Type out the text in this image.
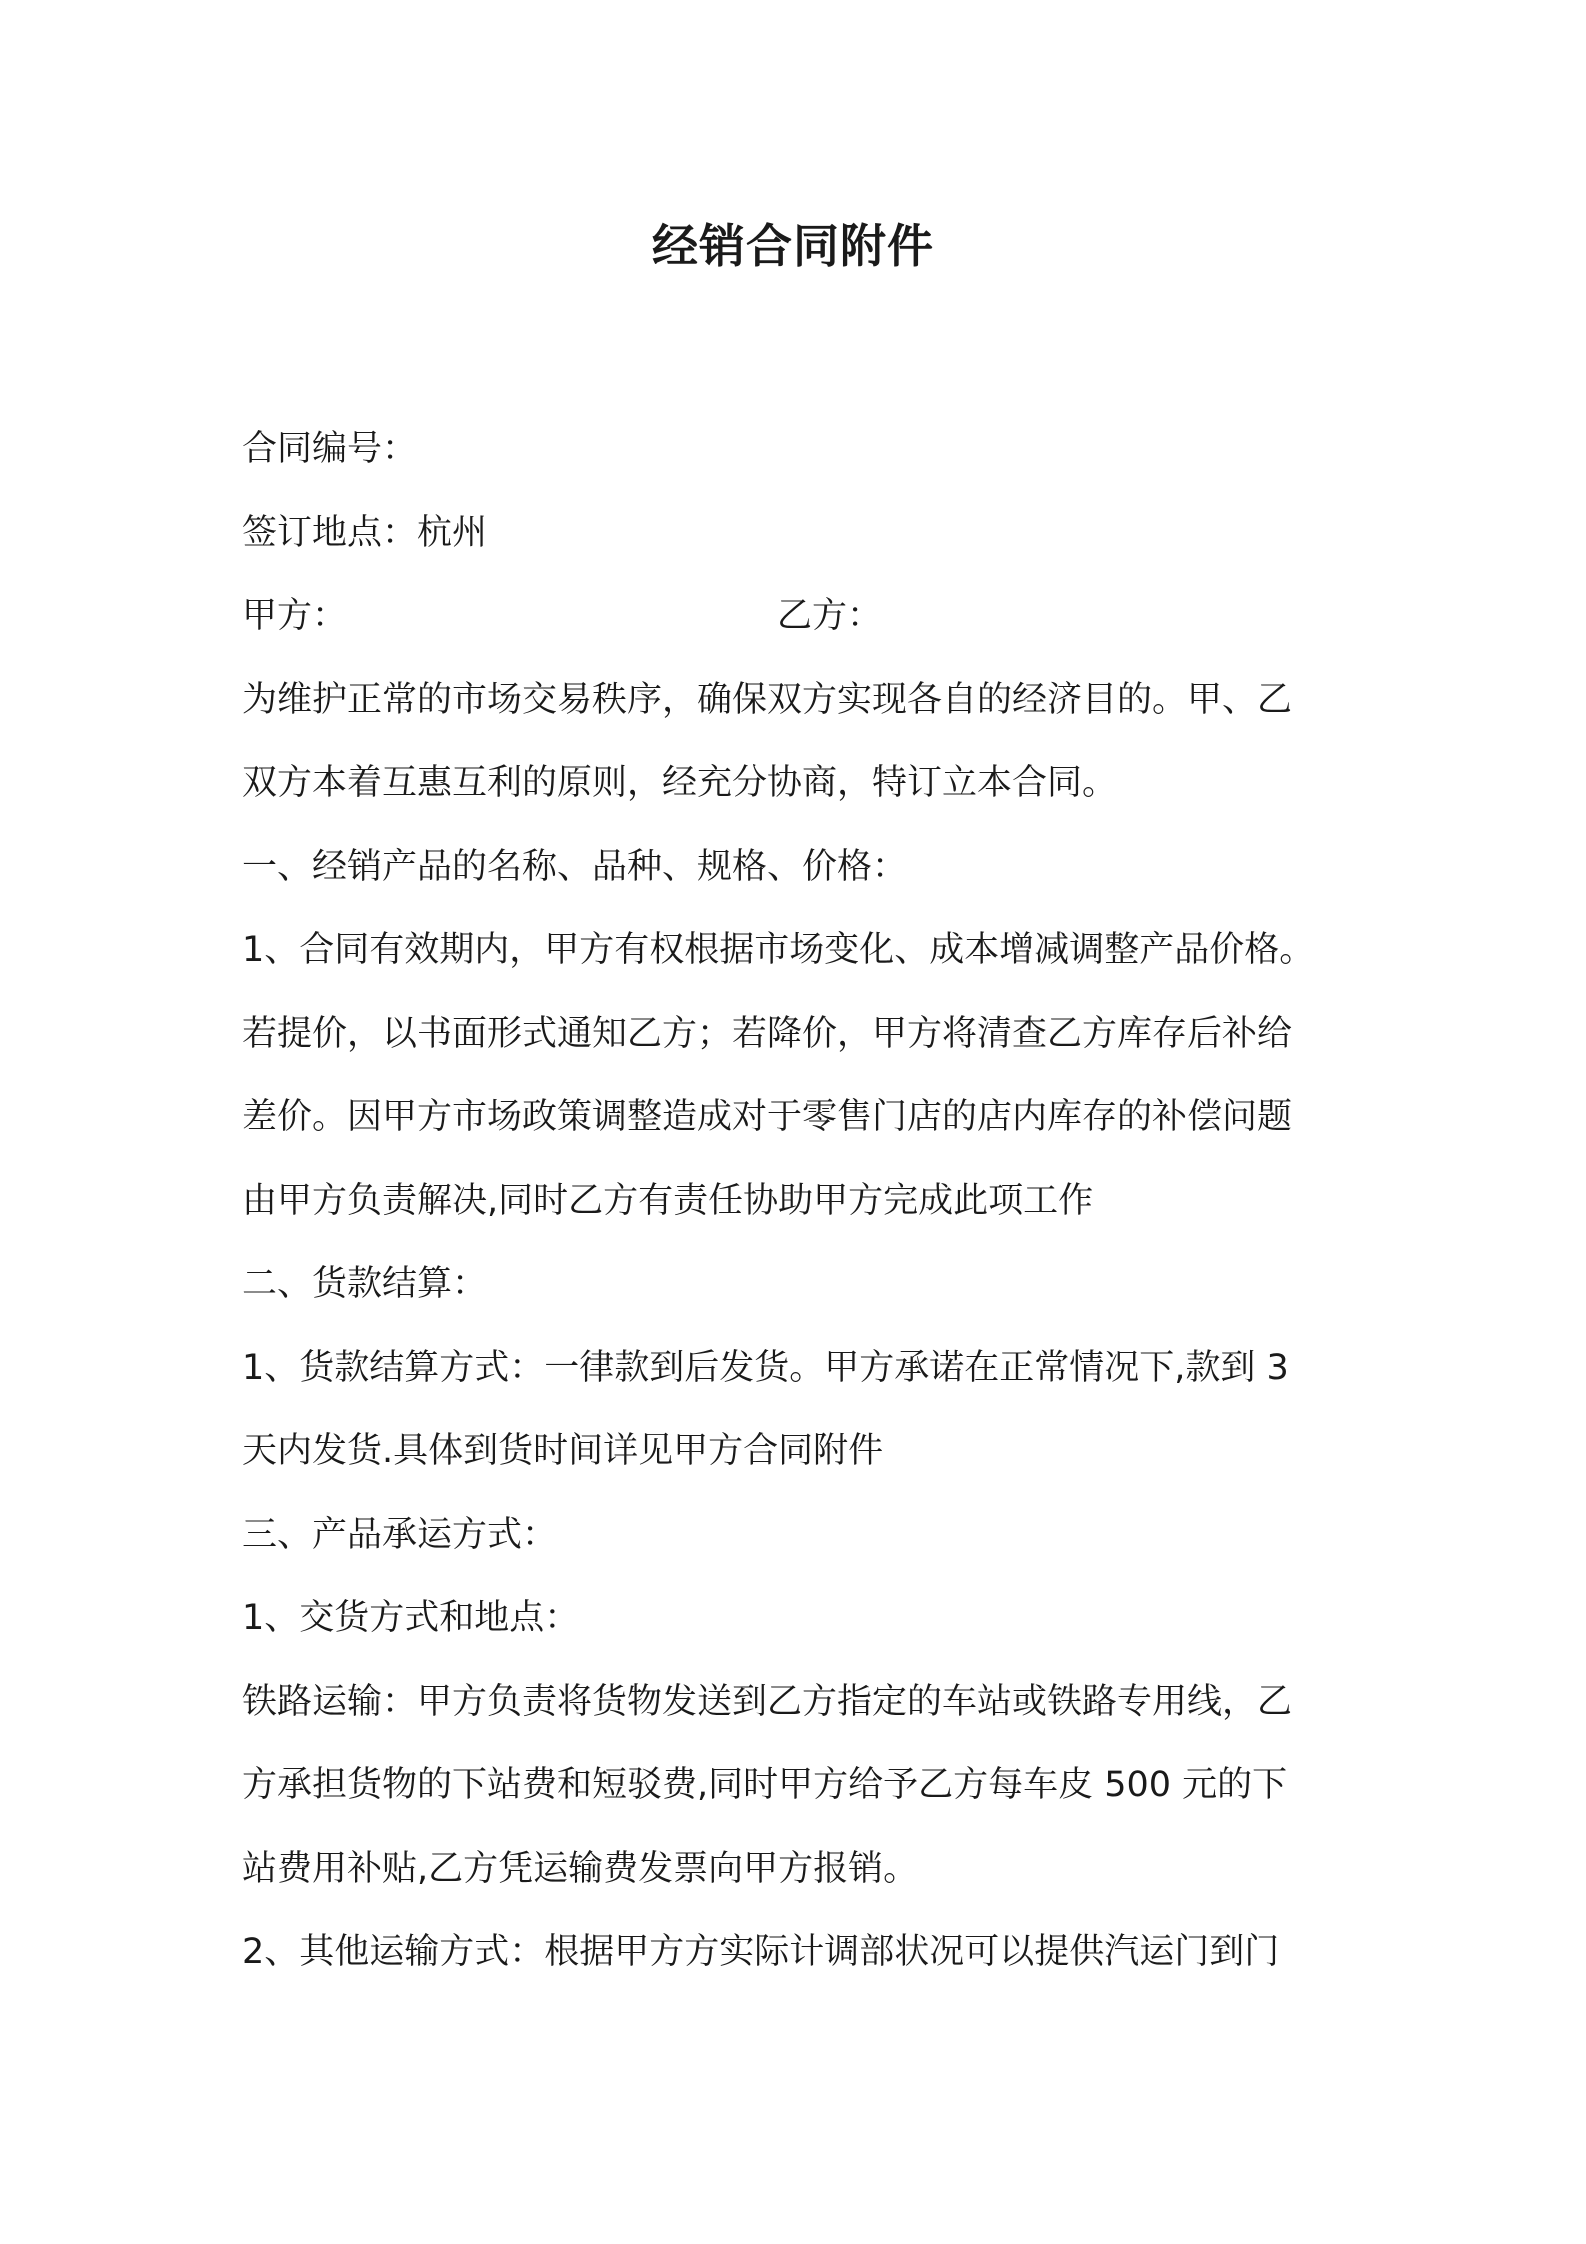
经销合同附件

合同编号：

签订地点：杭州

甲方：	乙方：

为维护正常的市场交易秩序，确保双方实现各自的经济目的。甲、乙

双方本着互惠互利的原则，经充分协商，特订立本合同。

一、经销产品的名称、品种、规格、价格：

1、合同有效期内，甲方有权根据市场变化、成本增减调整产品价格。

若提价，以书面形式通知乙方；若降价，甲方将清查乙方库存后补给

差价。因甲方市场政策调整造成对于零售门店的店内库存的补偿问题

由甲方负责解决,同时乙方有责任协助甲方完成此项工作

二、货款结算：

1、货款结算方式：一律款到后发货。甲方承诺在正常情况下,款到 3

天内发货.具体到货时间详见甲方合同附件

三、产品承运方式：

1、交货方式和地点：

铁路运输：甲方负责将货物发送到乙方指定的车站或铁路专用线，乙

方承担货物的下站费和短驳费,同时甲方给予乙方每车皮 500 元的下

站费用补贴,乙方凭运输费发票向甲方报销。

2、其他运输方式：根据甲方方实际计调部状况可以提供汽运门到门
